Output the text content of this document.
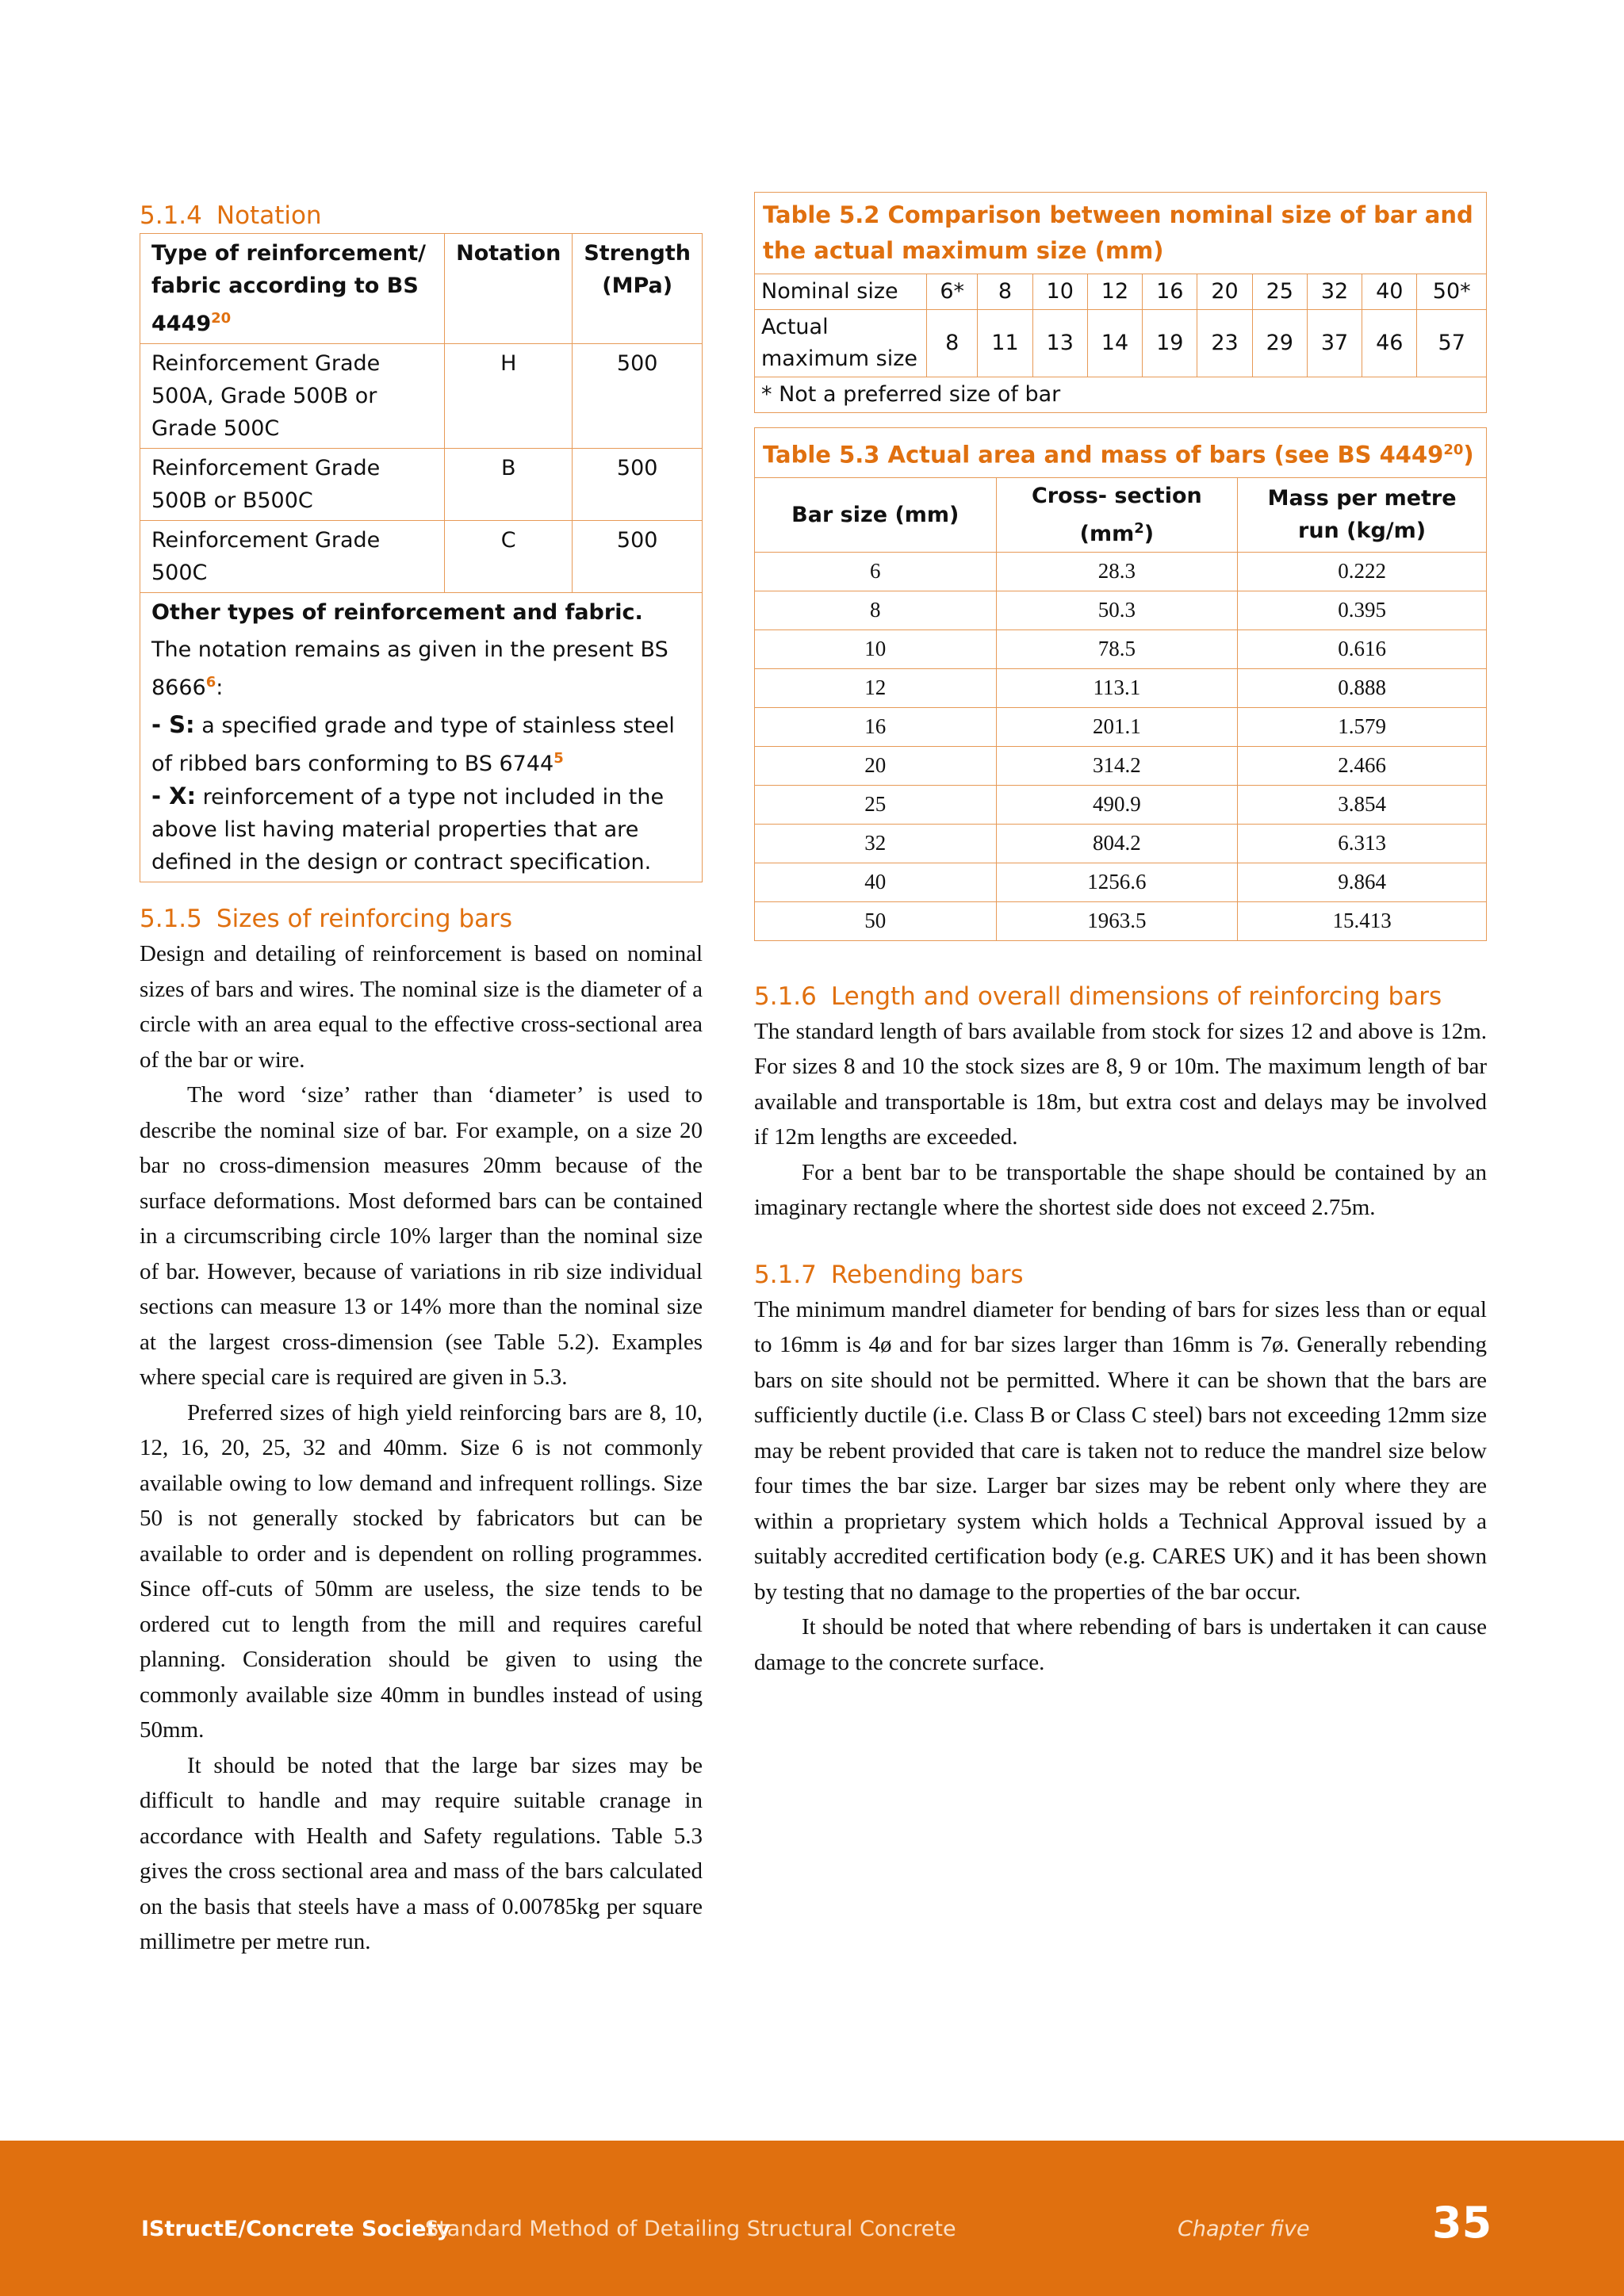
5.1.4 Notation
Type of reinforcement/ fabric according to BS 4449$^{20}$	Notation	Strength (MPa)
Reinforcement Grade 500A, Grade 500B or Grade 500C	H	500
Reinforcement Grade 500B or B500C	B	500
Reinforcement Grade 500C	C	500

Other types of reinforcement and fabric.

The notation remains as given in the present BS 8666$^6$:

- S: a specified grade and type of stainless steel of ribbed bars conforming to BS 6744$^5$

- X: reinforcement of a type not included in the above list having material properties that are defined in the design or contract specification.		

5.1.5 Sizes of reinforcing bars

Design and detailing of reinforcement is based on nominal sizes of bars and wires. The nominal size is the diameter of a circle with an area equal to the effective cross-sectional area of the bar or wire.

The word ‘size’ rather than ‘diameter’ is used to describe the nominal size of bar. For example, on a size 20 bar no cross-dimension measures 20mm because of the surface deformations. Most deformed bars can be contained in a circumscribing circle 10% larger than the nominal size of bar. However, because of variations in rib size individual sections can measure 13 or 14% more than the nominal size at the largest cross-dimension (see Table 5.2). Examples where special care is required are given in 5.3.

Preferred sizes of high yield reinforcing bars are 8, 10, 12, 16, 20, 25, 32 and 40mm. Size 6 is not commonly available owing to low demand and infrequent rollings. Size 50 is not generally stocked by fabricators but can be available to order and is dependent on rolling programmes. Since off-cuts of 50mm are useless, the size tends to be ordered cut to length from the mill and requires careful planning. Consideration should be given to using the commonly available size 40mm in bundles instead of using 50mm.

It should be noted that the large bar sizes may be difficult to handle and may require suitable cranage in accordance with Health and Safety regulations. Table 5.3 gives the cross sectional area and mass of the bars calculated on the basis that steels have a mass of 0.00785kg per square millimetre per metre run.

Table 5.2 Comparison between nominal size of bar and the actual maximum size (mm)										
Nominal size	6*	8	10	12	16	20	25	32	40	50*
Actual maximum size	8	11	13	14	19	23	29	37	46	57
* Not a preferred size of bar										
Table 5.3 Actual area and mass of bars (see BS 4449$^{20}$)		
Bar size (mm)	Cross- section $(mm^2)$	Mass per metre run (kg/m)
6	28.3	0.222
8	50.3	0.395
10	78.5	0.616
12	113.1	0.888
16	201.1	1.579
20	314.2	2.466
25	490.9	3.854
32	804.2	6.313
40	1256.6	9.864
50	1963.5	15.413
5.1.6 Length and overall dimensions of reinforcing bars

The standard length of bars available from stock for sizes 12 and above is 12m. For sizes 8 and 10 the stock sizes are 8, 9 or 10m. The maximum length of bar available and transportable is 18m, but extra cost and delays may be involved if 12m lengths are exceeded.

For a bent bar to be transportable the shape should be contained by an imaginary rectangle where the shortest side does not exceed 2.75m.

5.1.7 Rebending bars

The minimum mandrel diameter for bending of bars for sizes less than or equal to 16mm is 4ø and for bar sizes larger than 16mm is 7ø. Generally rebending bars on site should not be permitted. Where it can be shown that the bars are sufficiently ductile (i.e. Class B or Class C steel) bars not exceeding 12mm size may be rebent provided that care is taken not to reduce the mandrel size below four times the bar size. Larger bar sizes may be rebent only where they are within a proprietary system which holds a Technical Approval issued by a suitably accredited certification body (e.g. CARES UK) and it has been shown by testing that no damage to the properties of the bar occur.

It should be noted that where rebending of bars is undertaken it can cause damage to the concrete surface.

IStructE/Concrete Society
Standard Method of Detailing Structural Concrete	Chapter five	35
